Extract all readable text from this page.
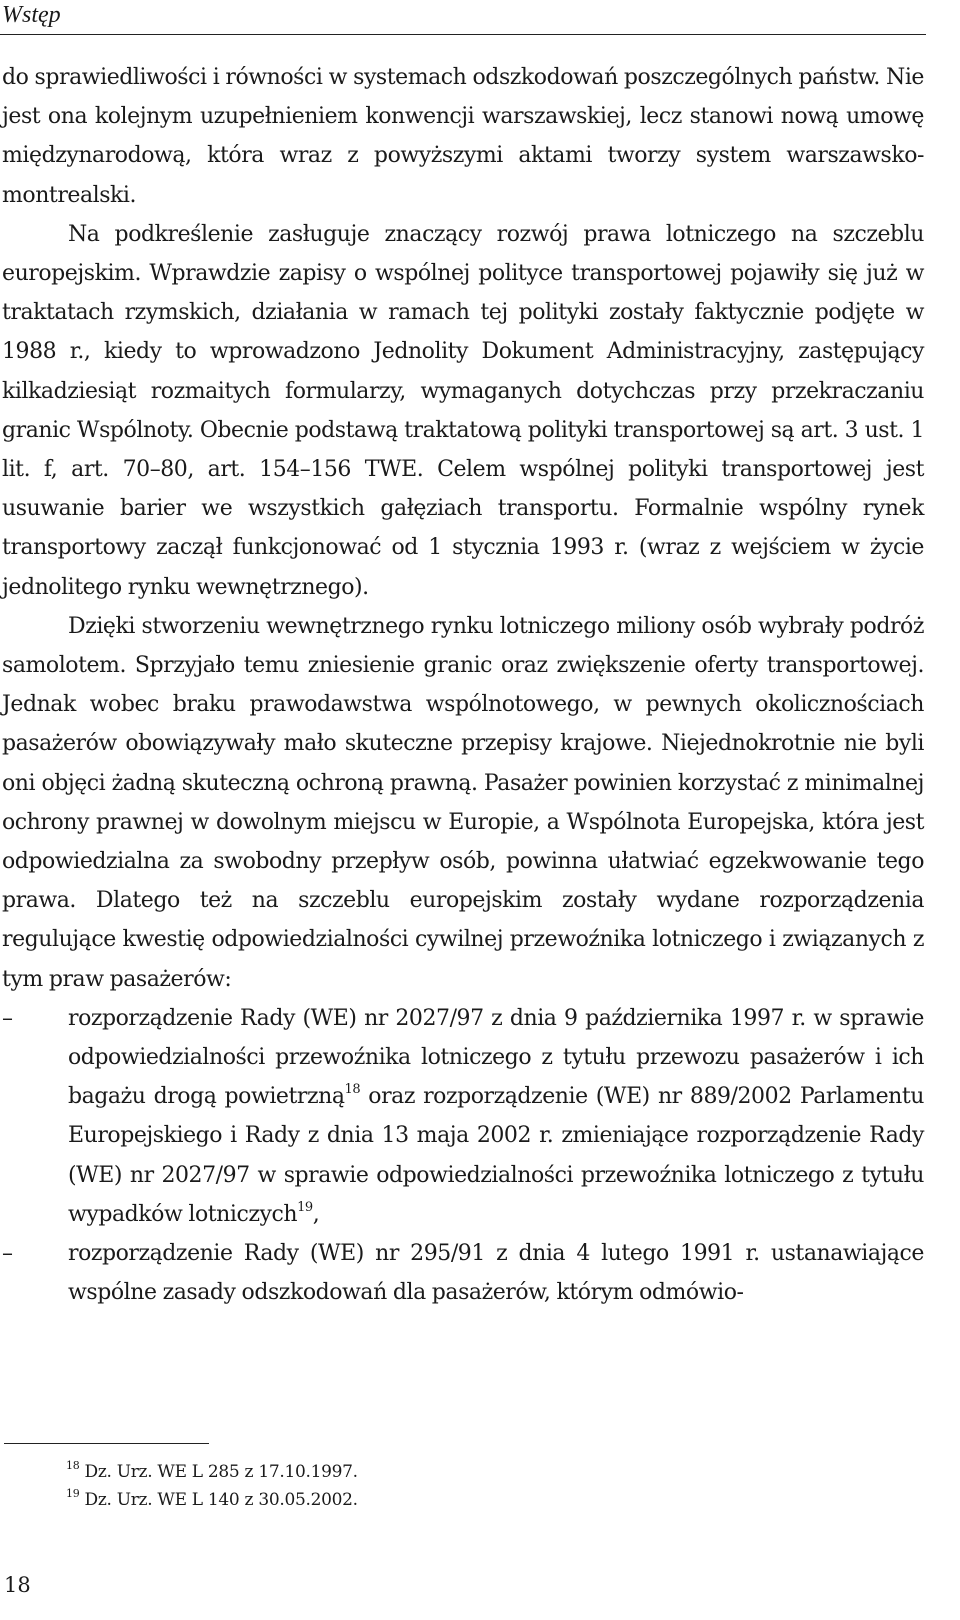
Wstęp

do sprawiedliwości i równości w systemach odszkodowań poszczególnych państw. Nie jest ona kolejnym uzupełnieniem konwencji warszawskiej, lecz stanowi nową umowę międzynarodową, która wraz z powyższymi aktami tworzy system warszawsko-montrealski.

Na podkreślenie zasługuje znaczący rozwój prawa lotniczego na szczeblu europejskim. Wprawdzie zapisy o wspólnej polityce transportowej pojawiły się już w traktatach rzymskich, działania w ramach tej polityki zostały faktycznie podjęte w 1988 r., kiedy to wprowadzono Jednolity Dokument Administracyjny, zastępujący kilkadziesiąt rozmaitych formularzy, wymaganych dotychczas przy przekraczaniu granic Wspólnoty. Obecnie podstawą traktatową polityki transportowej są art. 3 ust. 1 lit. f, art. 70–80, art. 154–156 TWE. Celem wspólnej polityki transportowej jest usuwanie barier we wszystkich gałęziach transportu. Formalnie wspólny rynek transportowy zaczął funkcjonować od 1 stycznia 1993 r. (wraz z wejściem w życie jednolitego rynku wewnętrznego).

Dzięki stworzeniu wewnętrznego rynku lotniczego miliony osób wybrały podróż samolotem. Sprzyjało temu zniesienie granic oraz zwiększenie oferty transportowej. Jednak wobec braku prawodawstwa wspólnotowego, w pewnych okolicznościach pasażerów obowiązywały mało skuteczne przepisy krajowe. Niejednokrotnie nie byli oni objęci żadną skuteczną ochroną prawną. Pasażer powinien korzystać z minimalnej ochrony prawnej w dowolnym miejscu w Europie, a Wspólnota Europejska, która jest odpowiedzialna za swobodny przepływ osób, powinna ułatwiać egzekwowanie tego prawa. Dlatego też na szczeblu europejskim zostały wydane rozporządzenia regulujące kwestię odpowiedzialności cywilnej przewoźnika lotniczego i związanych z tym praw pasażerów:

–	rozporządzenie Rady (WE) nr 2027/97 z dnia 9 października 1997 r. w sprawie odpowiedzialności przewoźnika lotniczego z tytułu przewozu pasażerów i ich bagażu drogą powietrzną$^{18}$ oraz rozporządzenie (WE) nr 889/2002 Parlamentu Europejskiego i Rady z dnia 13 maja 2002 r. zmieniające rozporządzenie Rady (WE) nr 2027/97 w sprawie odpowiedzialności przewoźnika lotniczego z tytułu wypadków lotniczych$^{19}$,
–	rozporządzenie Rady (WE) nr 295/91 z dnia 4 lutego 1991 r. ustanawiające wspólne zasady odszkodowań dla pasażerów, którym odmówio-
$^{18}$ Dz. Urz. WE L 285 z 17.10.1997.
$^{19}$ Dz. Urz. WE L 140 z 30.05.2002.
18
